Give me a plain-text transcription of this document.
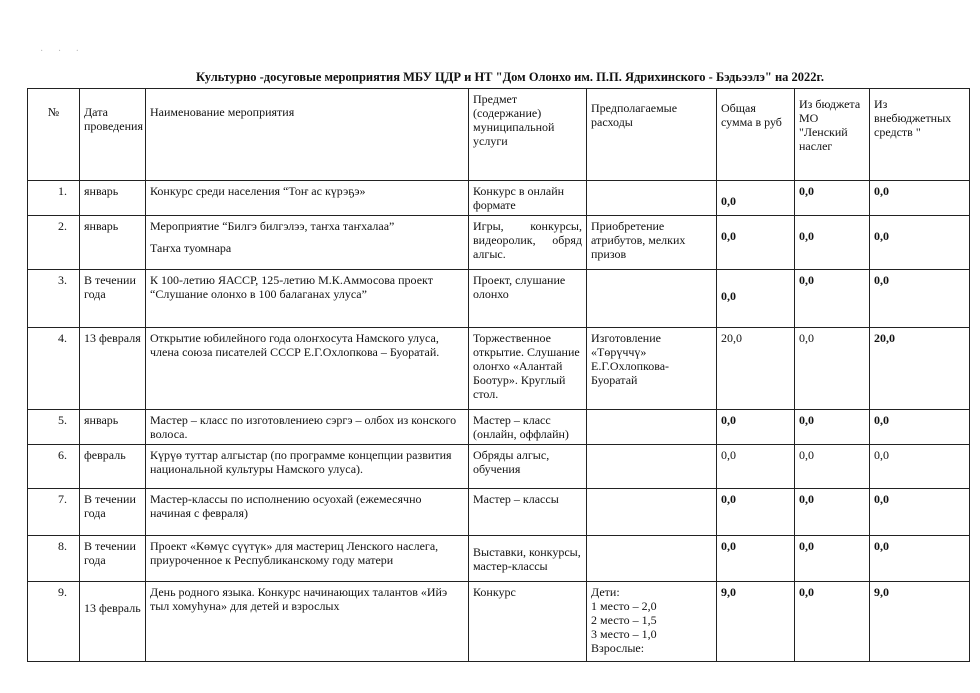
· · ·
Культурно -досуговые мероприятия МБУ ЦДР и НТ "Дом Олонхо им. П.П. Ядрихинского - Бэдьээлэ" на 2022г.
№	Дата проведения	Наименование мероприятия	Предмет (содержание) муниципальной услуги	Предполагаемые расходы	Общая сумма в руб	Из бюджета МО "Ленский наслег	Из внебюджетных средств "
1.	январь	Конкурс среди населения “Тоҥ ас күрэҕэ»	Конкурс в онлайн формате		0,0	0,0	0,0
2.	январь	Мероприятие “Билгэ билгэлээ, таҥха таҥхалаа”
Таҥха туомнара	Игры, конкурсы, видеоролик, обряд алгыс.	Приобретение атрибутов, мелких призов	0,0	0,0	0,0

3.	В течении года	К 100-летию ЯАССР, 125-летию М.К.Аммосова проект “Слушание олонхо в 100 балаганах улуса”	Проект, слушание олонхо		0,0	0,0	0,0
4.	13 февраля	Открытие юбилейного года олоҥхосута Намского улуса, члена союза писателей СССР Е.Г.Охлопкова – Буоратай.	Торжественное открытие. Слушание олоҥхо «Алантай Боотур». Круглый стол.	Изготовление «Төрүччү» Е.Г.Охлопкова-Буоратай	20,0	0,0	20,0
5.	январь	Мастер – класс по изготовлениею сэргэ – олбох из конского волоса.	Мастер – класс (онлайн, оффлайн)		0,0	0,0	0,0
6.	февраль	Күрүө туттар алгыстар (по программе концепции развития национальной культуры Намского улуса).	Обряды алгыс, обучения		0,0	0,0	0,0
7.	В течении года	Мастер-классы по исполнению осуохай (ежемесячно начиная с февраля)	Мастер – классы		0,0	0,0	0,0
8.	В течении года	Проект «Көмүс сүүтүк» для мастериц Ленского наслега, приуроченное к Республиканскому году матери	Выставки, конкурсы, мастер-классы		0,0	0,0	0,0
9.	13 февраль	День родного языка. Конкурс начинающих талантов «Ийэ тыл хомуһуна» для детей и взрослых	Конкурс	Дети:
1 место – 2,0
2 место – 1,5
3 место – 1,0
Взрослые:	9,0	0,0	9,0
